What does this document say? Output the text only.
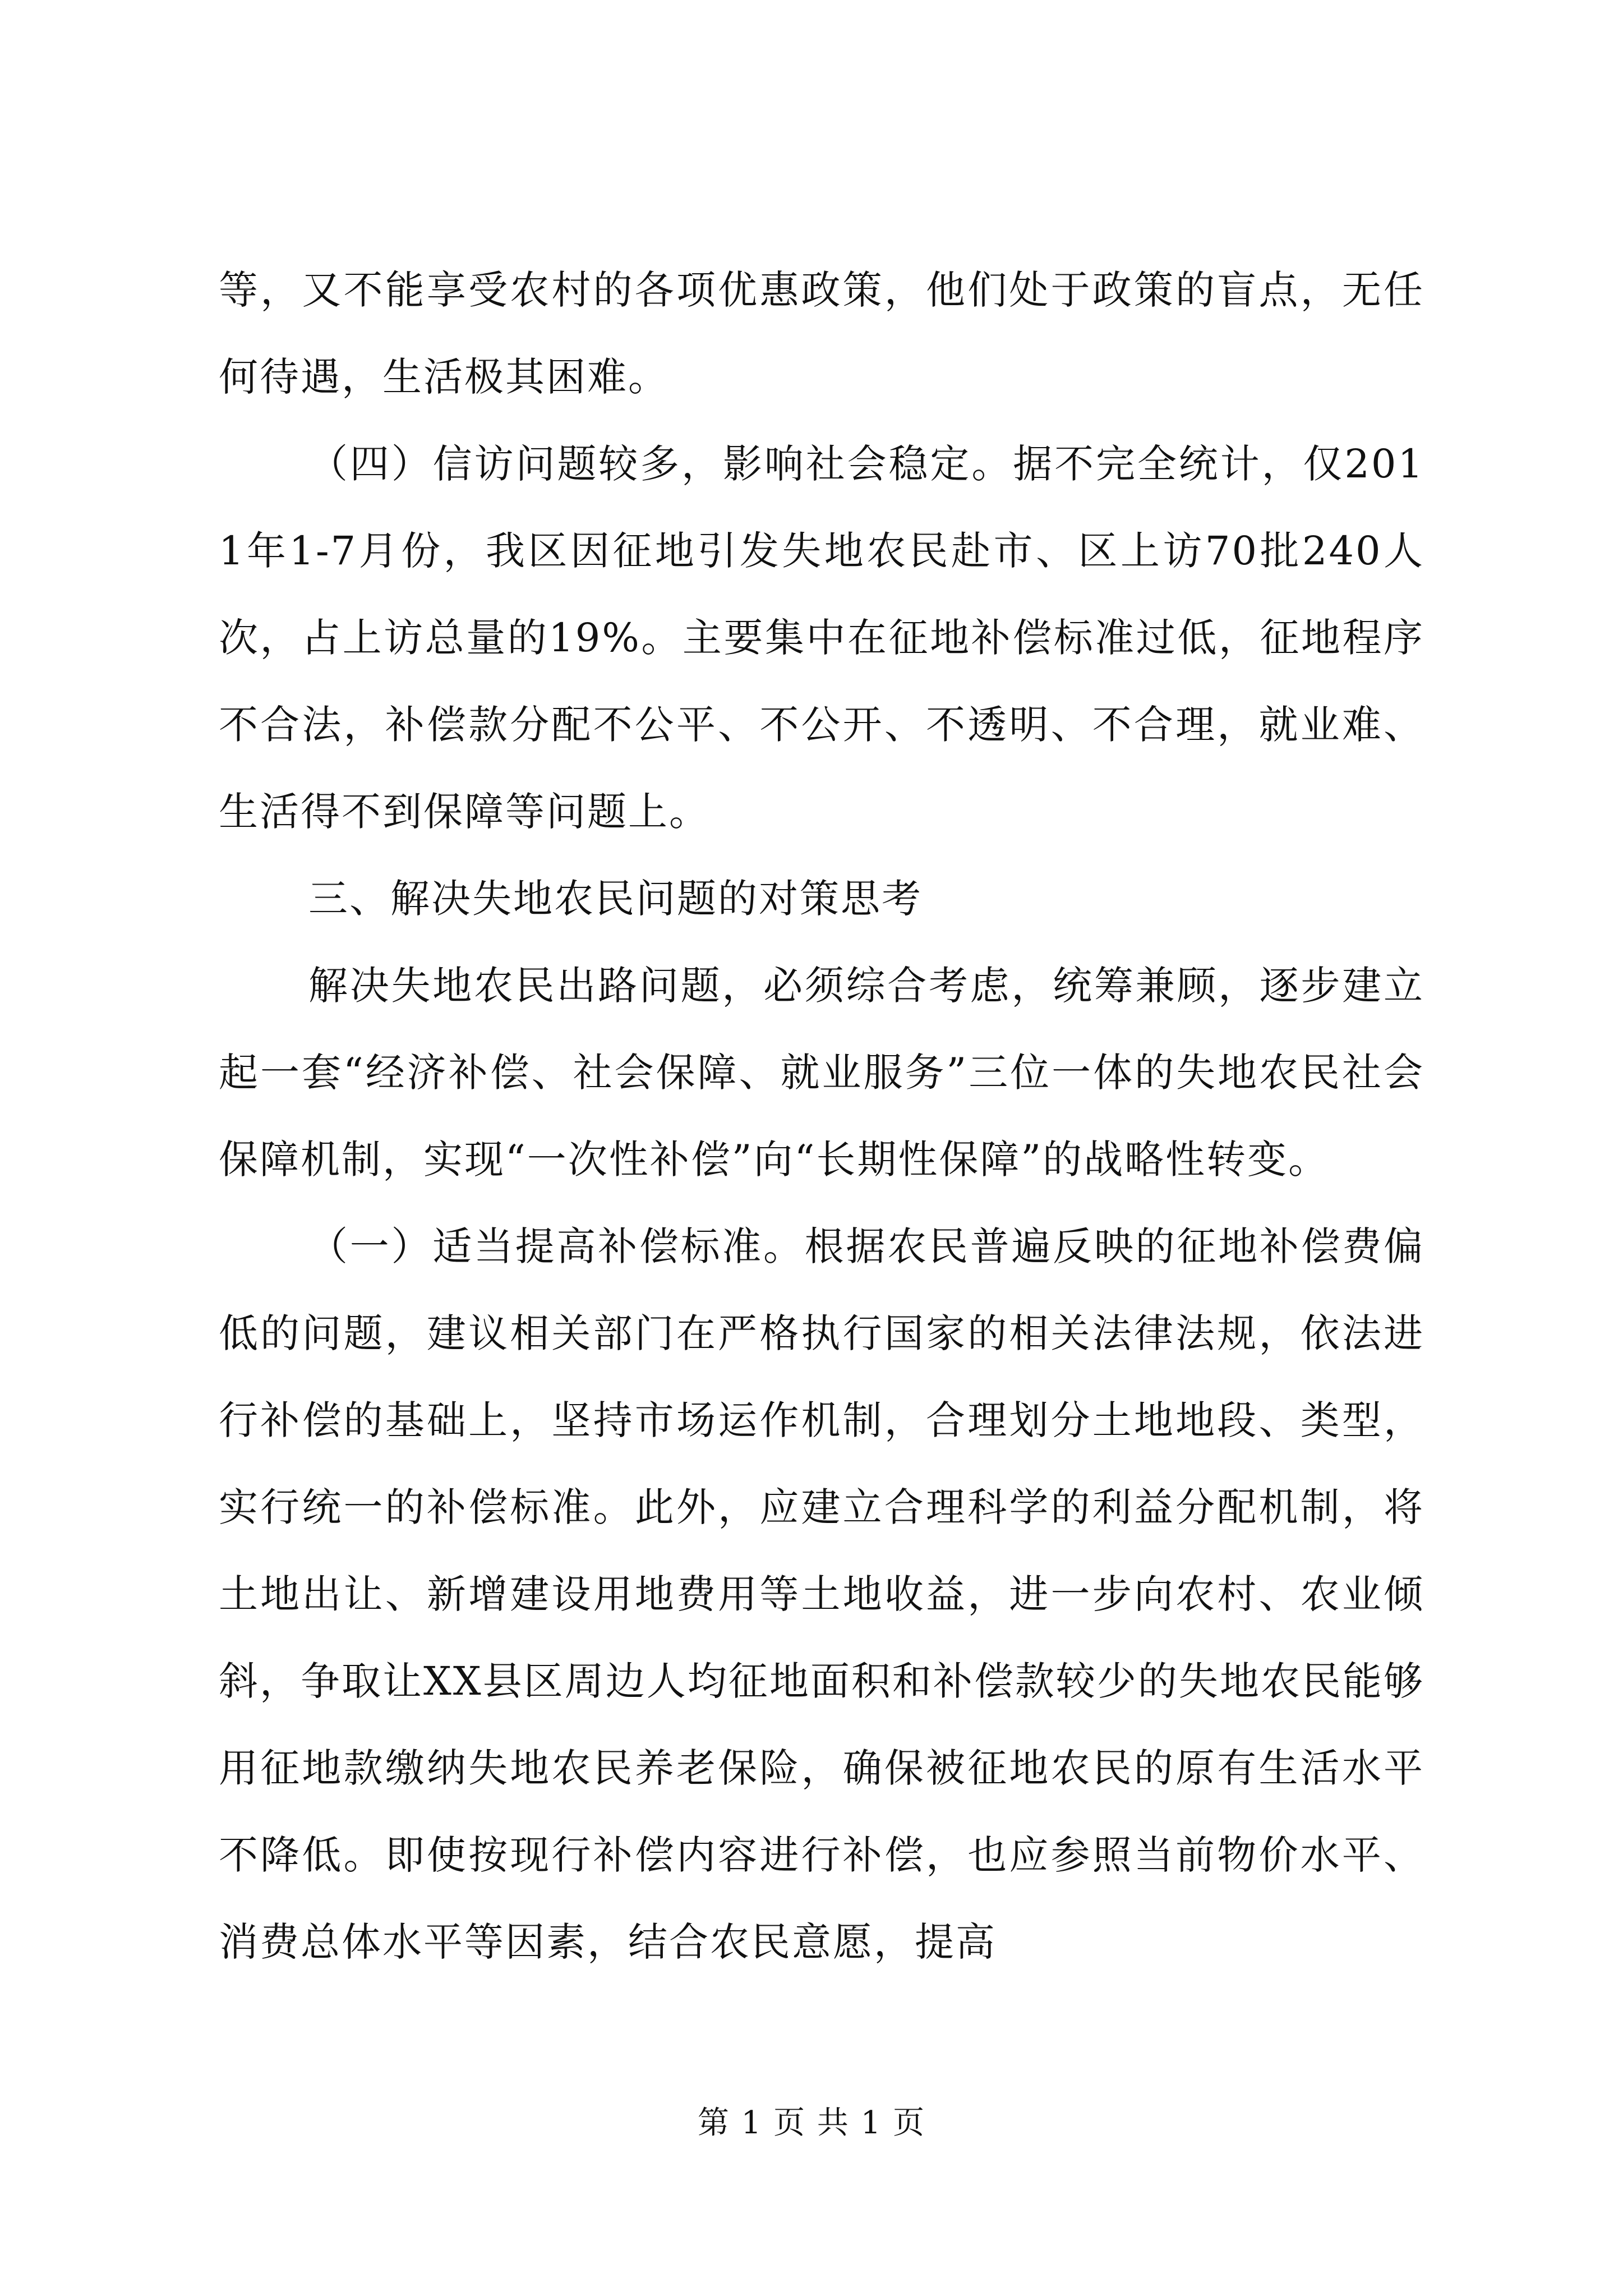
等，又不能享受农村的各项优惠政策，他们处于政策的盲点，无任何待遇，生活极其困难。

（四）信访问题较多，影响社会稳定。据不完全统计，仅2011年1-7月份，我区因征地引发失地农民赴市、区上访70批240人次，占上访总量的19%。主要集中在征地补偿标准过低，征地程序不合法，补偿款分配不公平、不公开、不透明、不合理，就业难、生活得不到保障等问题上。

三、解决失地农民问题的对策思考

解决失地农民出路问题，必须综合考虑，统筹兼顾，逐步建立起一套“经济补偿、社会保障、就业服务”三位一体的失地农民社会保障机制，实现“一次性补偿”向“长期性保障”的战略性转变。

（一）适当提高补偿标准。根据农民普遍反映的征地补偿费偏低的问题，建议相关部门在严格执行国家的相关法律法规，依法进行补偿的基础上，坚持市场运作机制，合理划分土地地段、类型，实行统一的补偿标准。此外，应建立合理科学的利益分配机制，将土地出让、新增建设用地费用等土地收益，进一步向农村、农业倾斜，争取让XX县区周边人均征地面积和补偿款较少的失地农民能够用征地款缴纳失地农民养老保险，确保被征地农民的原有生活水平不降低。即使按现行补偿内容进行补偿，也应参照当前物价水平、消费总体水平等因素，结合农民意愿，提高

第 1 页 共 1 页
